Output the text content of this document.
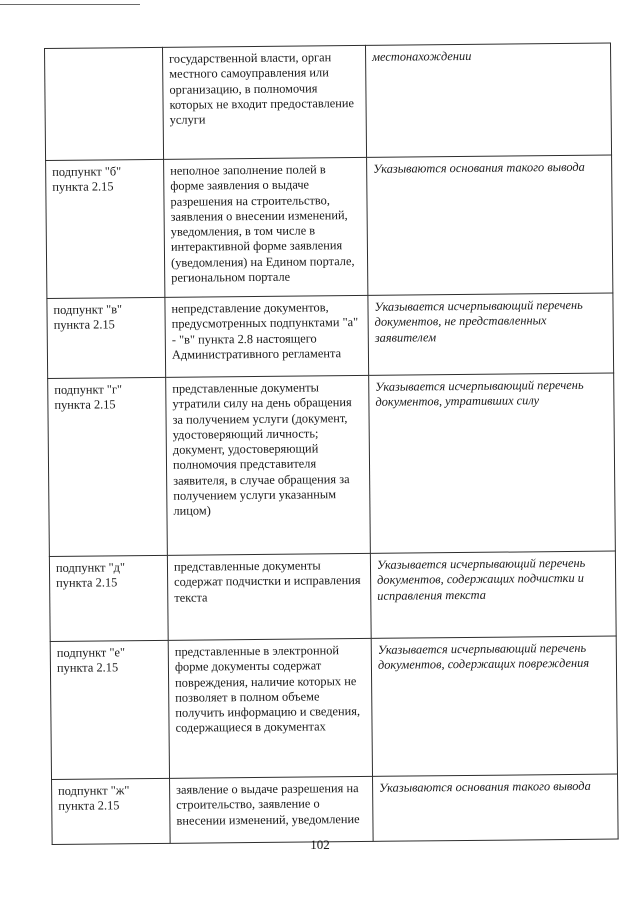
	государственной власти, орган местного самоуправления или организацию, в полномочия которых не входит предоставление услуги	местонахождении

подпункт "б" пункта 2.15	неполное заполнение полей в форме заявления о выдаче разрешения на строительство, заявления о внесении изменений, уведомления, в том числе в интерактивной форме заявления (уведомления) на Едином портале, региональном портале	Указываются основания такого вывода

подпункт "в" пункта 2.15	непредставление документов, предусмотренных подпунктами "а" - "в" пункта 2.8 настоящего Административного регламента	Указывается исчерпывающий перечень документов, не представленных заявителем

подпункт "г" пункта 2.15	представленные документы утратили силу на день обращения за получением услуги (документ, удостоверяющий личность; документ, удостоверяющий полномочия представителя заявителя, в случае обращения за получением услуги указанным лицом)	Указывается исчерпывающий перечень документов, утративших силу

подпункт "д" пункта 2.15	представленные документы содержат подчистки и исправления текста	Указывается исчерпывающий перечень документов, содержащих подчистки и исправления текста

подпункт "е" пункта 2.15	представленные в электронной форме документы содержат повреждения, наличие которых не позволяет в полном объеме получить информацию и сведения, содержащиеся в документах	Указывается исчерпывающий перечень документов, содержащих повреждения

подпункт "ж" пункта 2.15	заявление о выдаче разрешения на строительство, заявление о внесении изменений, уведомление	Указываются основания такого вывода
102
